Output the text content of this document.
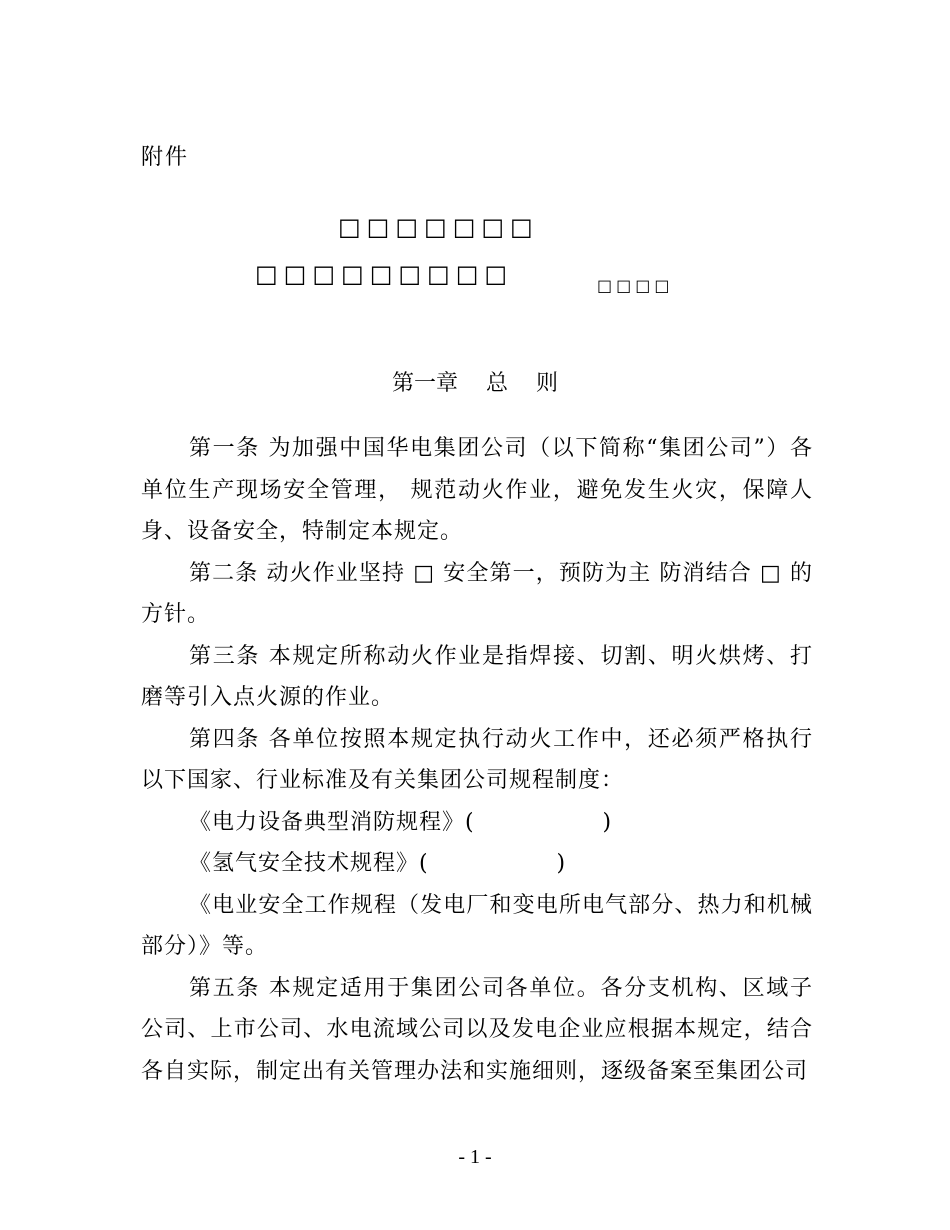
附件
□□□□□□□
□□□□□□□□□	□□□□
第一章    总    则

第一条 为加强中国华电集团公司（以下简称“集团公司”）各单位生产现场安全管理， 规范动火作业，避免发生火灾，保障人身、设备安全，特制定本规定。

第二条 动火作业坚持 □ 安全第一，预防为主 防消结合 □ 的方针。

第三条 本规定所称动火作业是指焊接、切割、明火烘烤、打磨等引入点火源的作业。

第四条 各单位按照本规定执行动火工作中，还必须严格执行以下国家、行业标准及有关集团公司规程制度：

《电力设备典型消防规程》(                )

《氢气安全技术规程》(                )

《电业安全工作规程（发电厂和变电所电气部分、热力和机械部分）》等。

第五条 本规定适用于集团公司各单位。各分支机构、区域子公司、上市公司、水电流域公司以及发电企业应根据本规定，结合各自实际，制定出有关管理办法和实施细则，逐级备案至集团公司

- 1 -
